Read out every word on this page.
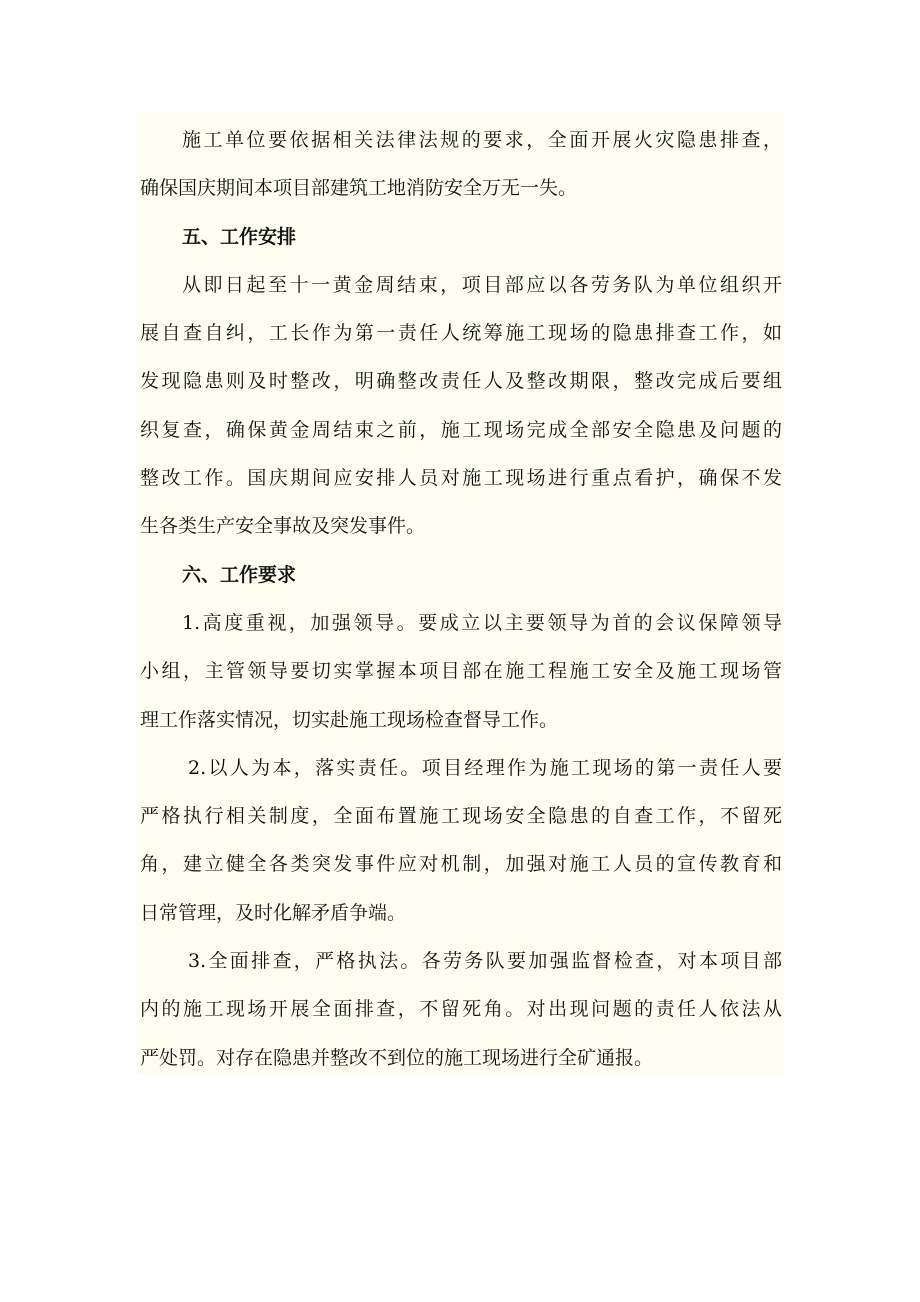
施工单位要依据相关法律法规的要求，全面开展火灾隐患排查，
确保国庆期间本项目部建筑工地消防安全万无一失。
五、工作安排
从即日起至十一黄金周结束，项目部应以各劳务队为单位组织开
展自查自纠，工长作为第一责任人统筹施工现场的隐患排查工作，如
发现隐患则及时整改，明确整改责任人及整改期限，整改完成后要组
织复查，确保黄金周结束之前，施工现场完成全部安全隐患及问题的
整改工作。国庆期间应安排人员对施工现场进行重点看护，确保不发
生各类生产安全事故及突发事件。
六、工作要求
1.高度重视，加强领导。要成立以主要领导为首的会议保障领导
小组，主管领导要切实掌握本项目部在施工程施工安全及施工现场管
理工作落实情况，切实赴施工现场检查督导工作。
2.以人为本，落实责任。项目经理作为施工现场的第一责任人要
严格执行相关制度，全面布置施工现场安全隐患的自查工作，不留死
角，建立健全各类突发事件应对机制，加强对施工人员的宣传教育和
日常管理，及时化解矛盾争端。
3.全面排查，严格执法。各劳务队要加强监督检查，对本项目部
内的施工现场开展全面排查，不留死角。对出现问题的责任人依法从
严处罚。对存在隐患并整改不到位的施工现场进行全矿通报。
